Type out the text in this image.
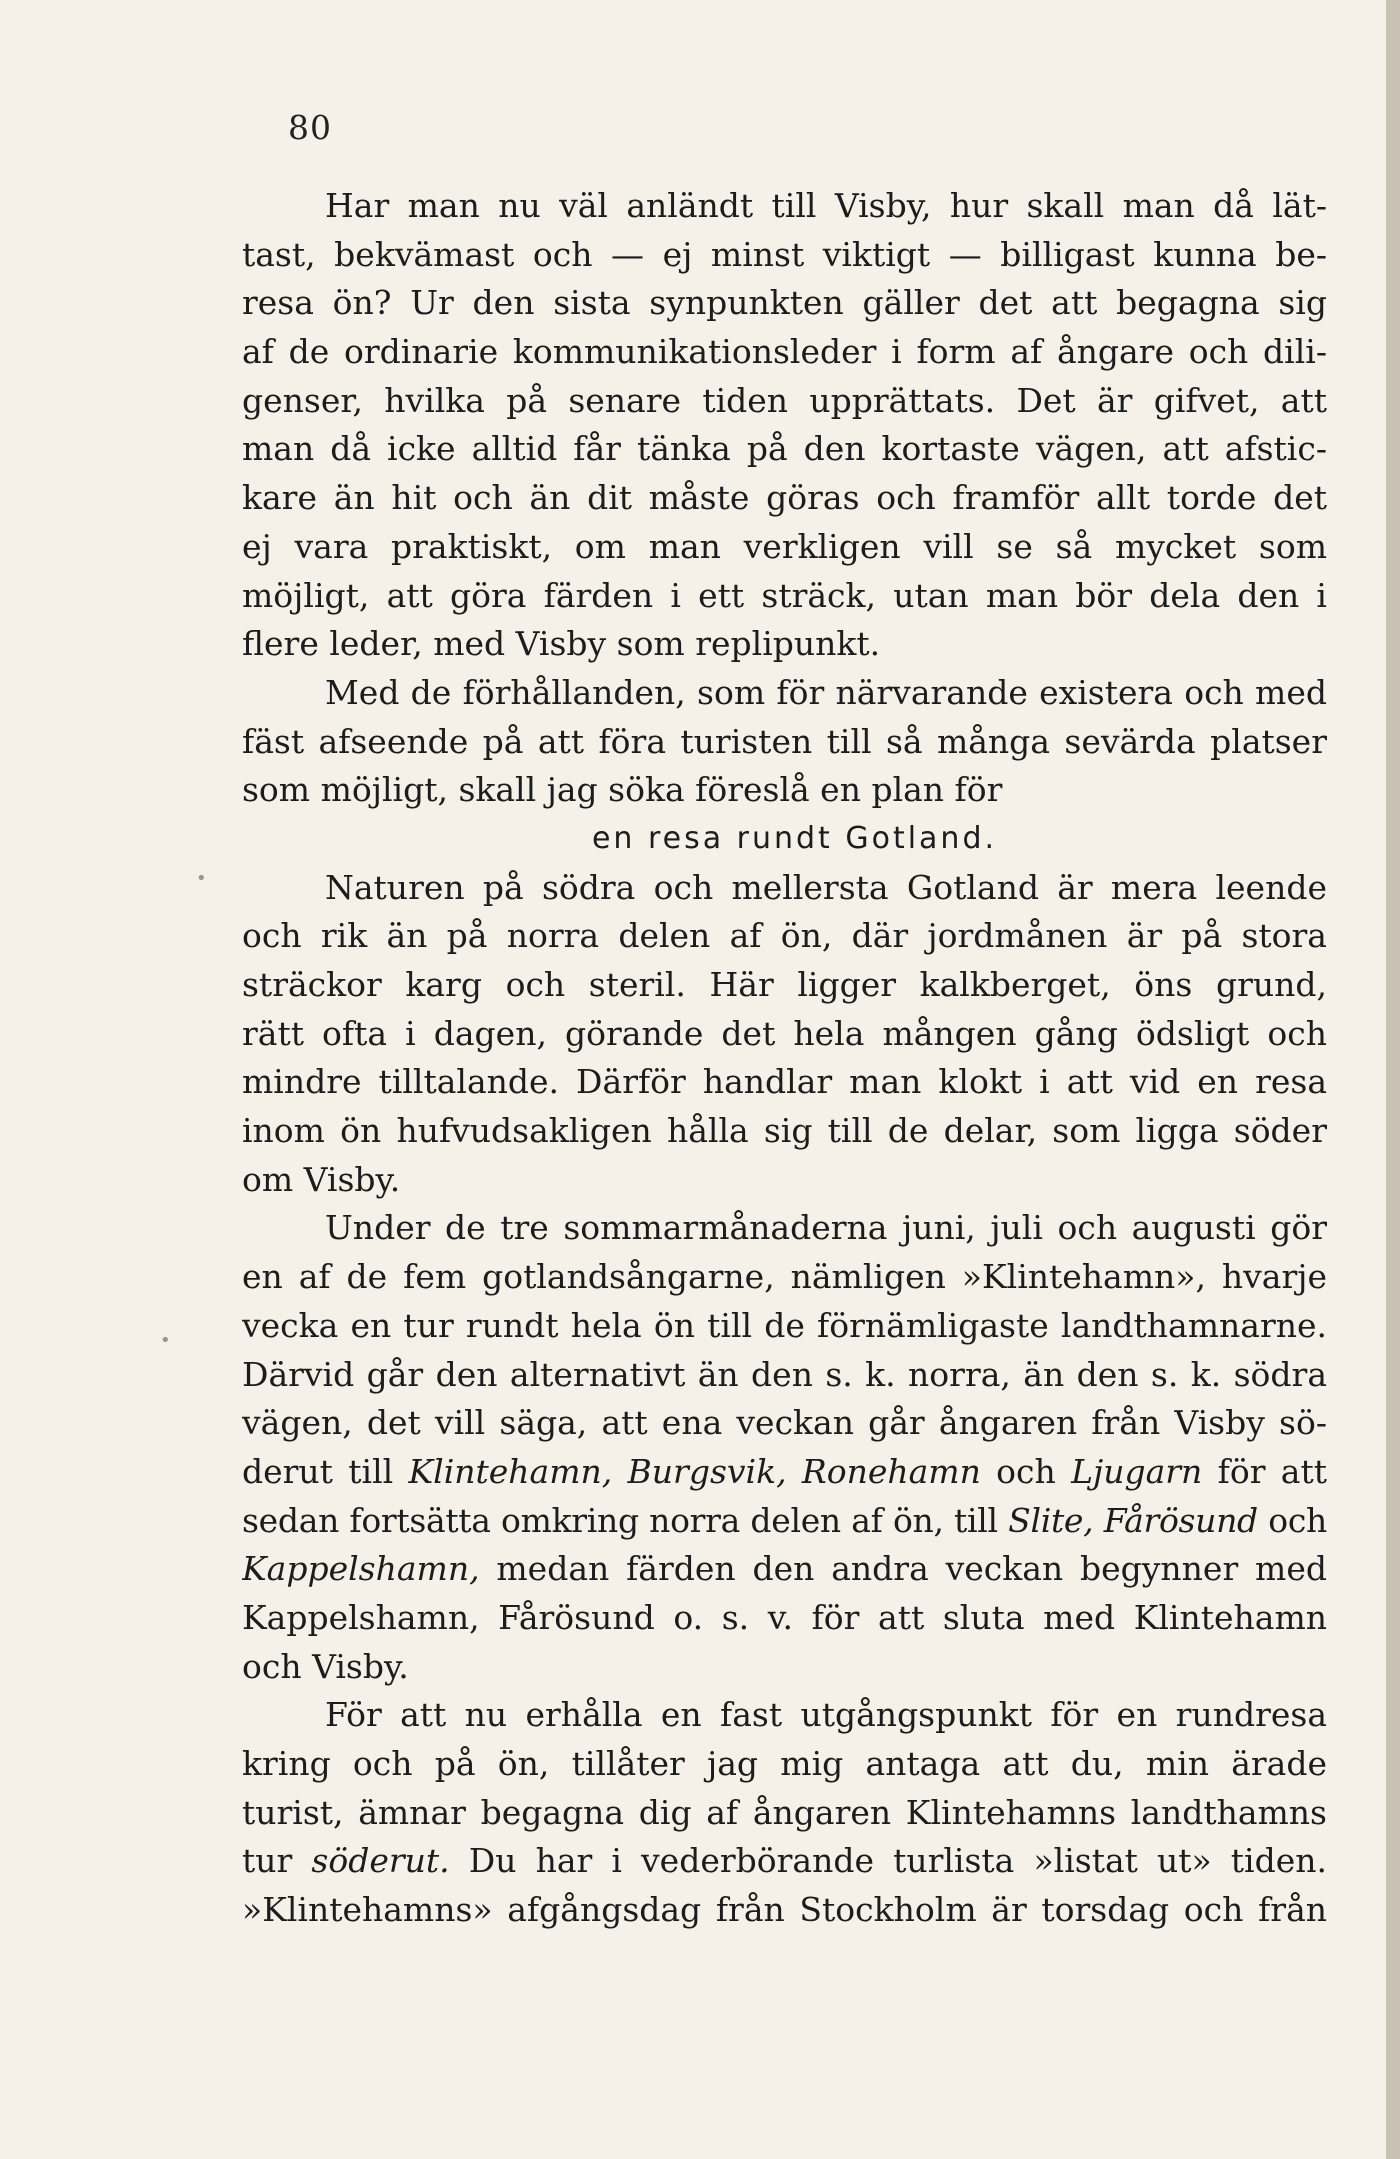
80
Har man nu väl anländt till Visby, hur skall man då lät-
tast, bekvämast och — ej minst viktigt — billigast kunna be-
resa ön? Ur den sista synpunkten gäller det att begagna sig
af de ordinarie kommunikationsleder i form af ångare och dili-
genser, hvilka på senare tiden upprättats. Det är gifvet, att
man då icke alltid får tänka på den kortaste vägen, att afstic-
kare än hit och än dit måste göras och framför allt torde det
ej vara praktiskt, om man verkligen vill se så mycket som
möjligt, att göra färden i ett sträck, utan man bör dela den i
flere leder, med Visby som replipunkt.
Med de förhållanden, som för närvarande existera och med
fäst afseende på att föra turisten till så många sevärda platser
som möjligt, skall jag söka föreslå en plan för
en resa rundt Gotland.
Naturen på södra och mellersta Gotland är mera leende
och rik än på norra delen af ön, där jordmånen är på stora
sträckor karg och steril. Här ligger kalkberget, öns grund,
rätt ofta i dagen, görande det hela mången gång ödsligt och
mindre tilltalande. Därför handlar man klokt i att vid en resa
inom ön hufvudsakligen hålla sig till de delar, som ligga söder
om Visby.
Under de tre sommarmånaderna juni, juli och augusti gör
en af de fem gotlandsångarne, nämligen »Klintehamn», hvarje
vecka en tur rundt hela ön till de förnämligaste landthamnarne.
Därvid går den alternativt än den s. k. norra, än den s. k. södra
vägen, det vill säga, att ena veckan går ångaren från Visby sö-
derut till Klintehamn, Burgsvik, Ronehamn och Ljugarn för att
sedan fortsätta omkring norra delen af ön, till Slite, Fårösund och
Kappelshamn, medan färden den andra veckan begynner med
Kappelshamn, Fårösund o. s. v. för att sluta med Klintehamn
och Visby.
För att nu erhålla en fast utgångspunkt för en rundresa
kring och på ön, tillåter jag mig antaga att du, min ärade
turist, ämnar begagna dig af ångaren Klintehamns landthamns
tur söderut. Du har i vederbörande turlista »listat ut» tiden.
»Klintehamns» afgångsdag från Stockholm är torsdag och från
•
•
